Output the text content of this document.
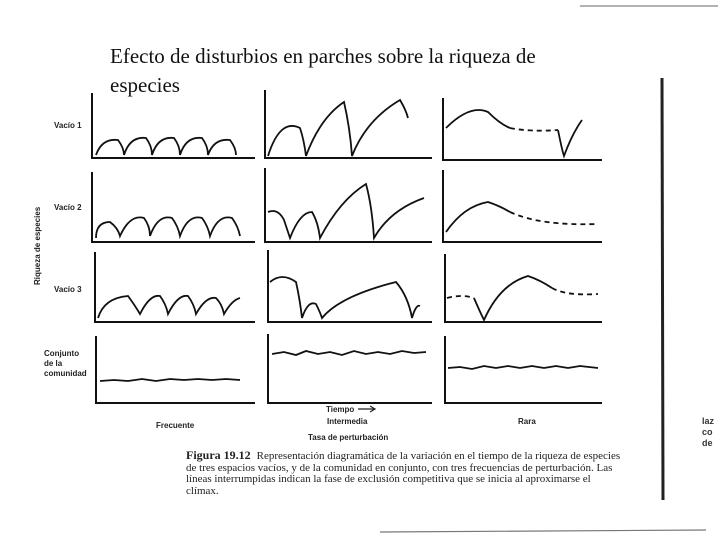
Efecto de disturbios en parches sobre la riqueza de especies
Riqueza de especies
Vacío 1
Vacío 2
Vacío 3
Conjunto
de la
comunidad
Frecuente
Tiempo
Intermedia	Rara
Tasa de perturbación
Figura 19.12 Representación diagramática de la variación en el tiempo de la riqueza de especies de tres espacios vacíos, y de la comunidad en conjunto, con tres frecuencias de perturbación. Las líneas interrumpidas indican la fase de exclusión competitiva que se inicia al aproximarse el clímax.
laz
co
de
